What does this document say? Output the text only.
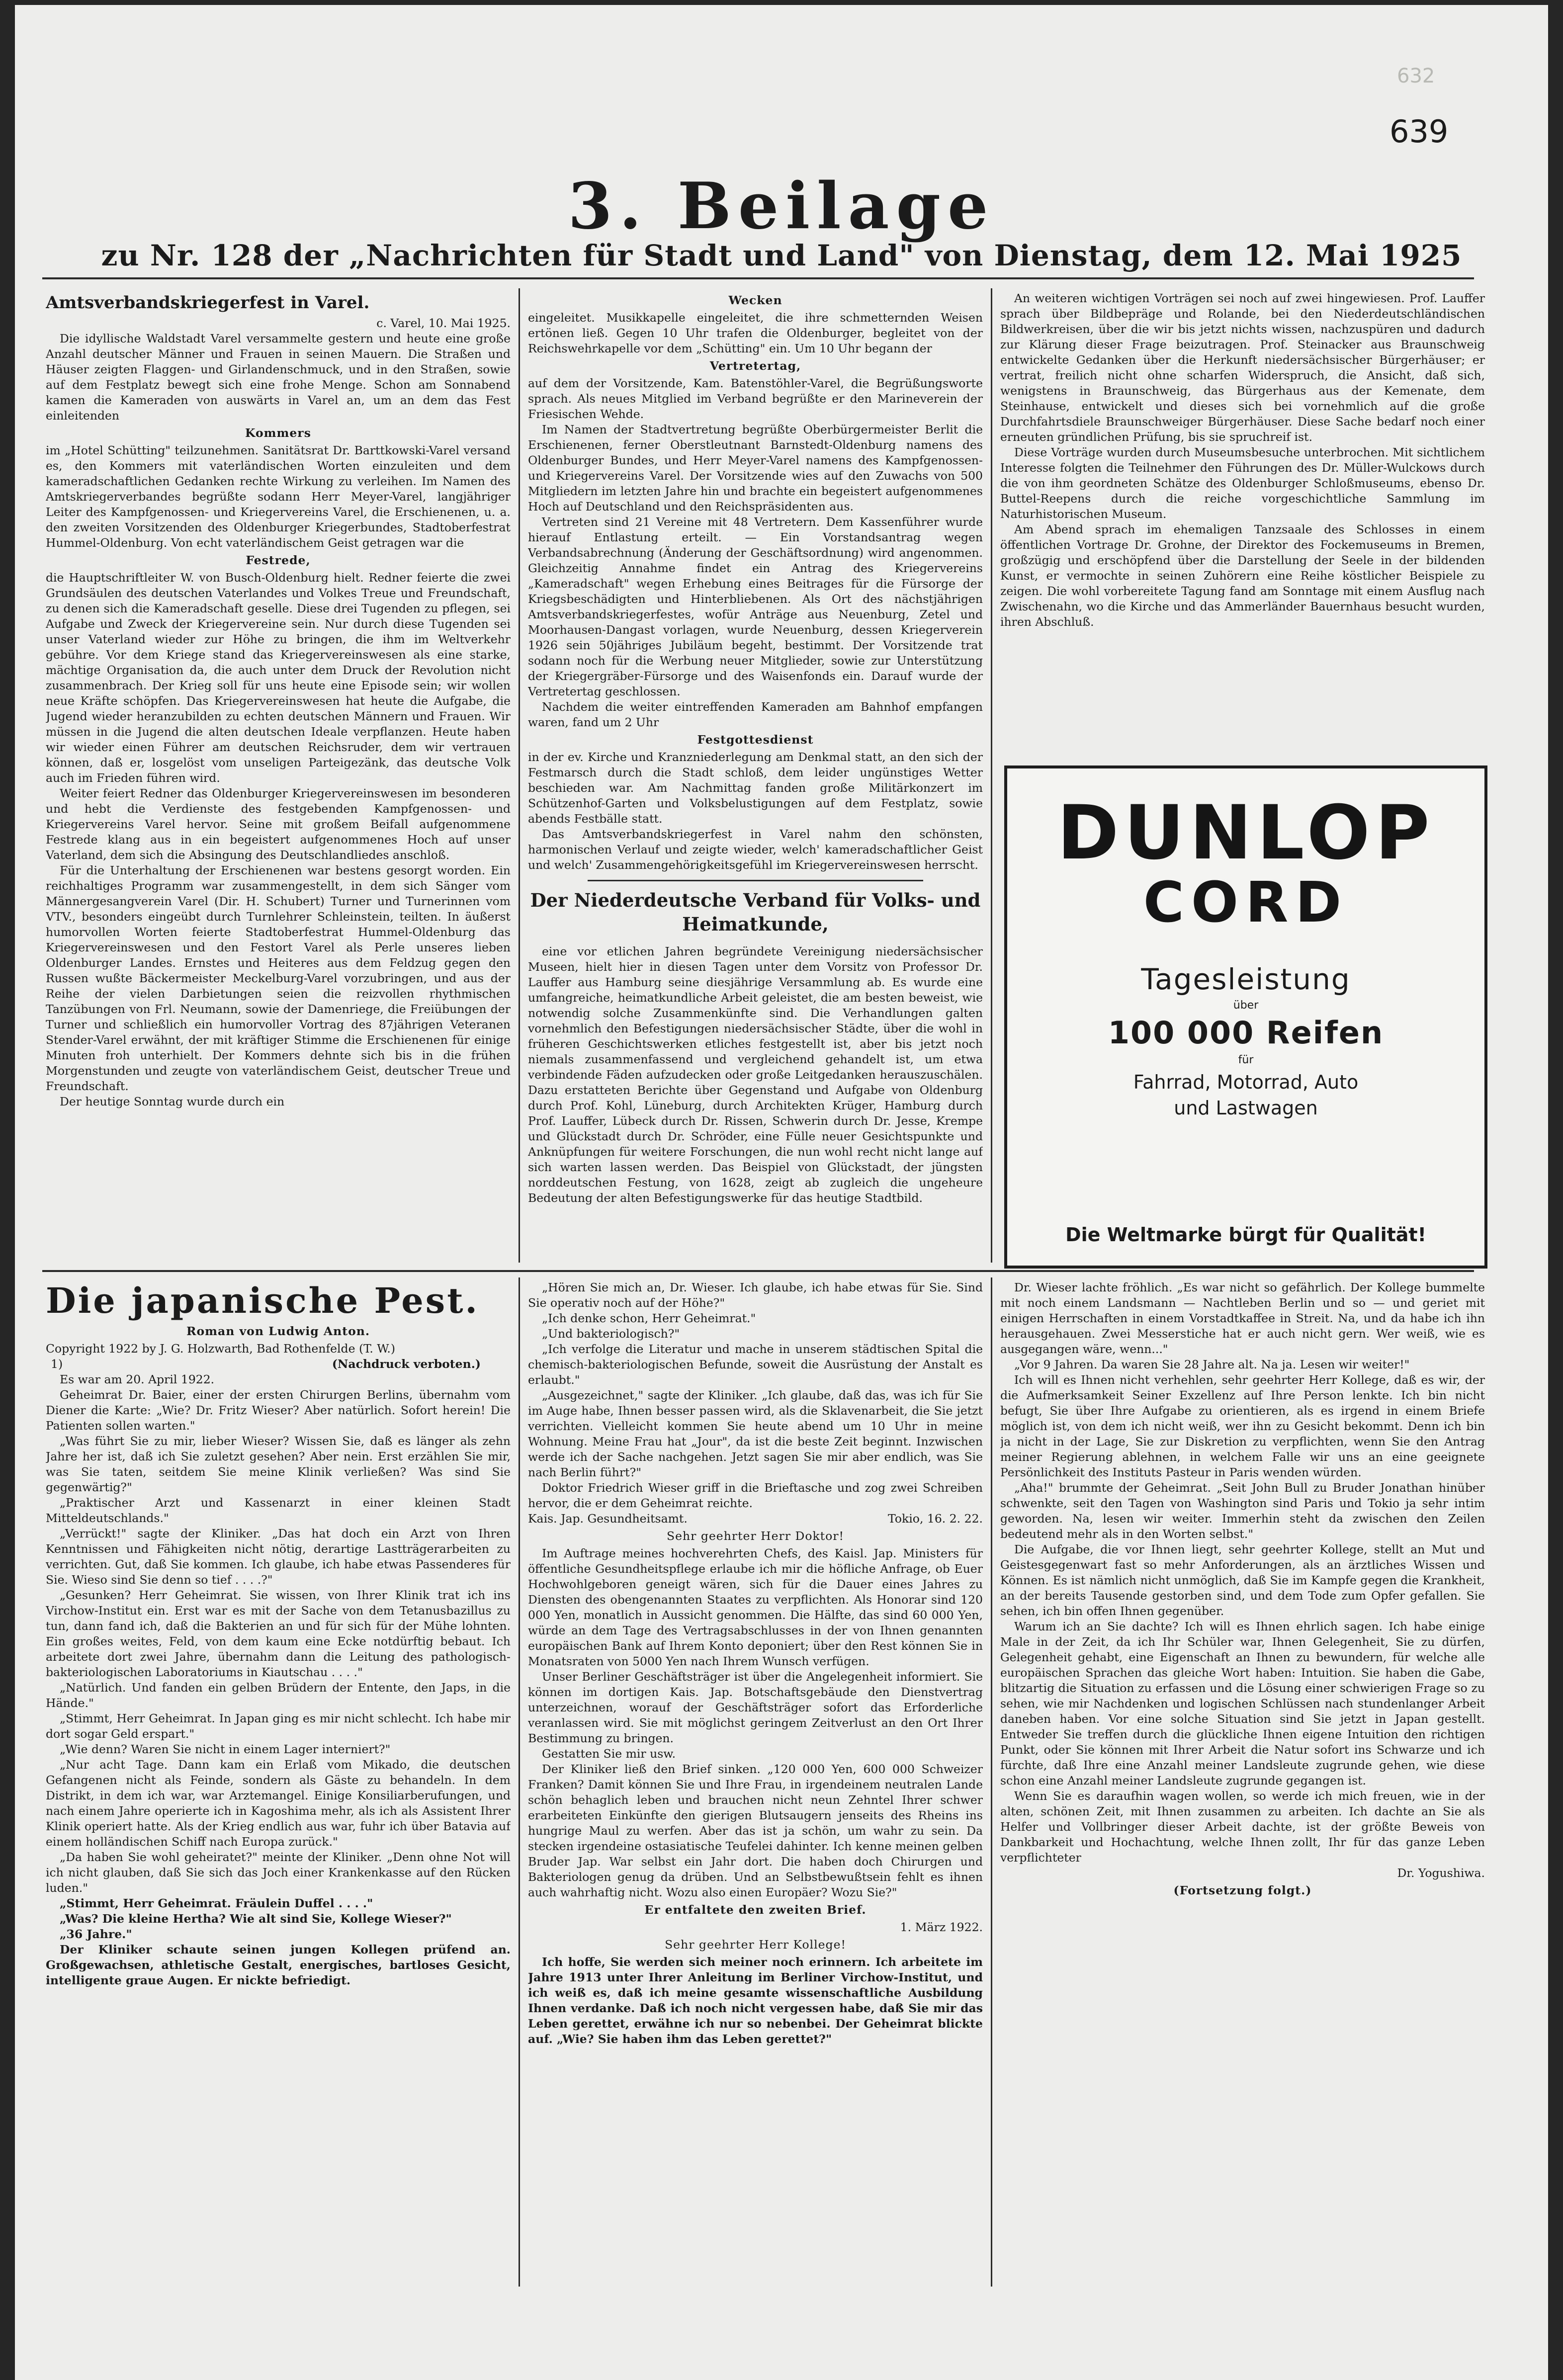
632
639
3. Beilage
zu Nr. 128 der „Nachrichten für Stadt und Land" von Dienstag, dem 12. Mai 1925

Amtsverbandskriegerfest in Varel.

c. Varel, 10. Mai 1925.

Die idyllische Waldstadt Varel versammelte gestern und heute eine große Anzahl deutscher Männer und Frauen in seinen Mauern. Die Straßen und Häuser zeigten Flaggen- und Girlandenschmuck, und in den Straßen, sowie auf dem Festplatz bewegt sich eine frohe Menge. Schon am Sonnabend kamen die Kameraden von auswärts in Varel an, um an dem das Fest einleitenden

Kommers

im „Hotel Schütting" teilzunehmen. Sanitätsrat Dr. Barttkowski-Varel versand es, den Kommers mit vaterländischen Worten einzuleiten und dem kameradschaftlichen Gedanken rechte Wirkung zu verleihen. Im Namen des Amtskriegerverbandes begrüßte sodann Herr Meyer-Varel, langjähriger Leiter des Kampfgenossen- und Kriegervereins Varel, die Erschienenen, u. a. den zweiten Vorsitzenden des Oldenburger Kriegerbundes, Stadtoberfestrat Hummel-Oldenburg. Von echt vaterländischem Geist getragen war die

Festrede,

die Hauptschriftleiter W. von Busch-Oldenburg hielt. Redner feierte die zwei Grundsäulen des deutschen Vaterlandes und Volkes Treue und Freundschaft, zu denen sich die Kameradschaft geselle. Diese drei Tugenden zu pflegen, sei Aufgabe und Zweck der Kriegervereine sein. Nur durch diese Tugenden sei unser Vaterland wieder zur Höhe zu bringen, die ihm im Weltverkehr gebühre. Vor dem Kriege stand das Kriegervereinswesen als eine starke, mächtige Organisation da, die auch unter dem Druck der Revolution nicht zusammenbrach. Der Krieg soll für uns heute eine Episode sein; wir wollen neue Kräfte schöpfen. Das Kriegervereinswesen hat heute die Aufgabe, die Jugend wieder heranzubilden zu echten deutschen Männern und Frauen. Wir müssen in die Jugend die alten deutschen Ideale verpflanzen. Heute haben wir wieder einen Führer am deutschen Reichsruder, dem wir vertrauen können, daß er, losgelöst vom unseligen Parteigezänk, das deutsche Volk auch im Frieden führen wird.

Weiter feiert Redner das Oldenburger Kriegervereinswesen im besonderen und hebt die Verdienste des festgebenden Kampfgenossen- und Kriegervereins Varel hervor. Seine mit großem Beifall aufgenommene Festrede klang aus in ein begeistert aufgenommenes Hoch auf unser Vaterland, dem sich die Absingung des Deutschlandliedes anschloß.

Für die Unterhaltung der Erschienenen war bestens gesorgt worden. Ein reichhaltiges Programm war zusammengestellt, in dem sich Sänger vom Männergesangverein Varel (Dir. H. Schubert) Turner und Turnerinnen vom VTV., besonders eingeübt durch Turnlehrer Schleinstein, teilten. In äußerst humorvollen Worten feierte Stadtoberfestrat Hummel-Oldenburg das Kriegervereinswesen und den Festort Varel als Perle unseres lieben Oldenburger Landes. Ernstes und Heiteres aus dem Feldzug gegen den Russen wußte Bäckermeister Meckelburg-Varel vorzubringen, und aus der Reihe der vielen Darbietungen seien die reizvollen rhythmischen Tanzübungen von Frl. Neumann, sowie der Damenriege, die Freiübungen der Turner und schließlich ein humorvoller Vortrag des 87jährigen Veteranen Stender-Varel erwähnt, der mit kräftiger Stimme die Erschienenen für einige Minuten froh unterhielt. Der Kommers dehnte sich bis in die frühen Morgenstunden und zeugte von vaterländischem Geist, deutscher Treue und Freundschaft.

Der heutige Sonntag wurde durch ein

Wecken

eingeleitet. Musikkapelle eingeleitet, die ihre schmetternden Weisen ertönen ließ. Gegen 10 Uhr trafen die Oldenburger, begleitet von der Reichswehrkapelle vor dem „Schütting" ein. Um 10 Uhr begann der

Vertretertag,

auf dem der Vorsitzende, Kam. Batenstöhler-Varel, die Begrüßungsworte sprach. Als neues Mitglied im Verband begrüßte er den Marineverein der Friesischen Wehde.

Im Namen der Stadtvertretung begrüßte Oberbürgermeister Berlit die Erschienenen, ferner Oberstleutnant Barnstedt-Oldenburg namens des Oldenburger Bundes, und Herr Meyer-Varel namens des Kampfgenossen- und Kriegervereins Varel. Der Vorsitzende wies auf den Zuwachs von 500 Mitgliedern im letzten Jahre hin und brachte ein begeistert aufgenommenes Hoch auf Deutschland und den Reichspräsidenten aus.

Vertreten sind 21 Vereine mit 48 Vertretern. Dem Kassenführer wurde hierauf Entlastung erteilt. — Ein Vorstandsantrag wegen Verbandsabrechnung (Änderung der Geschäftsordnung) wird angenommen. Gleichzeitig Annahme findet ein Antrag des Kriegervereins „Kameradschaft" wegen Erhebung eines Beitrages für die Fürsorge der Kriegsbeschädigten und Hinterbliebenen. Als Ort des nächstjährigen Amtsverbandskriegerfestes, wofür Anträge aus Neuenburg, Zetel und Moorhausen-Dangast vorlagen, wurde Neuenburg, dessen Kriegerverein 1926 sein 50jähriges Jubiläum begeht, bestimmt. Der Vorsitzende trat sodann noch für die Werbung neuer Mitglieder, sowie zur Unterstützung der Kriegergräber-Fürsorge und des Waisenfonds ein. Darauf wurde der Vertretertag geschlossen.

Nachdem die weiter eintreffenden Kameraden am Bahnhof empfangen waren, fand um 2 Uhr

Festgottesdienst

in der ev. Kirche und Kranzniederlegung am Denkmal statt, an den sich der Festmarsch durch die Stadt schloß, dem leider ungünstiges Wetter beschieden war. Am Nachmittag fanden große Militärkonzert im Schützenhof-Garten und Volksbelustigungen auf dem Festplatz, sowie abends Festbälle statt.

Das Amtsverbandskriegerfest in Varel nahm den schönsten, harmonischen Verlauf und zeigte wieder, welch' kameradschaftlicher Geist und welch' Zusammengehörigkeitsgefühl im Kriegervereinswesen herrscht.

Der Niederdeutsche Verband für Volks- und Heimatkunde,

eine vor etlichen Jahren begründete Vereinigung niedersächsischer Museen, hielt hier in diesen Tagen unter dem Vorsitz von Professor Dr. Lauffer aus Hamburg seine diesjährige Versammlung ab. Es wurde eine umfangreiche, heimatkundliche Arbeit geleistet, die am besten beweist, wie notwendig solche Zusammenkünfte sind. Die Verhandlungen galten vornehmlich den Befestigungen niedersächsischer Städte, über die wohl in früheren Geschichtswerken etliches festgestellt ist, aber bis jetzt noch niemals zusammenfassend und vergleichend gehandelt ist, um etwa verbindende Fäden aufzudecken oder große Leitgedanken herauszuschälen. Dazu erstatteten Berichte über Gegenstand und Aufgabe von Oldenburg durch Prof. Kohl, Lüneburg, durch Architekten Krüger, Hamburg durch Prof. Lauffer, Lübeck durch Dr. Rissen, Schwerin durch Dr. Jesse, Krempe und Glückstadt durch Dr. Schröder, eine Fülle neuer Gesichtspunkte und Anknüpfungen für weitere Forschungen, die nun wohl recht nicht lange auf sich warten lassen werden. Das Beispiel von Glückstadt, der jüngsten norddeutschen Festung, von 1628, zeigt ab zugleich die ungeheure Bedeutung der alten Befestigungswerke für das heutige Stadtbild.

An weiteren wichtigen Vorträgen sei noch auf zwei hingewiesen. Prof. Lauffer sprach über Bildbepräge und Rolande, bei den Niederdeutschländischen Bildwerkreisen, über die wir bis jetzt nichts wissen, nachzuspüren und dadurch zur Klärung dieser Frage beizutragen. Prof. Steinacker aus Braunschweig entwickelte Gedanken über die Herkunft niedersächsischer Bürgerhäuser; er vertrat, freilich nicht ohne scharfen Widerspruch, die Ansicht, daß sich, wenigstens in Braunschweig, das Bürgerhaus aus der Kemenate, dem Steinhause, entwickelt und dieses sich bei vornehmlich auf die große Durchfahrtsdiele Braunschweiger Bürgerhäuser. Diese Sache bedarf noch einer erneuten gründlichen Prüfung, bis sie spruchreif ist.

Diese Vorträge wurden durch Museumsbesuche unterbrochen. Mit sichtlichem Interesse folgten die Teilnehmer den Führungen des Dr. Müller-Wulckows durch die von ihm geordneten Schätze des Oldenburger Schloßmuseums, ebenso Dr. Buttel-Reepens durch die reiche vorgeschichtliche Sammlung im Naturhistorischen Museum.

Am Abend sprach im ehemaligen Tanzsaale des Schlosses in einem öffentlichen Vortrage Dr. Grohne, der Direktor des Fockemuseums in Bremen, großzügig und erschöpfend über die Darstellung der Seele in der bildenden Kunst, er vermochte in seinen Zuhörern eine Reihe köstlicher Beispiele zu zeigen. Die wohl vorbereitete Tagung fand am Sonntage mit einem Ausflug nach Zwischenahn, wo die Kirche und das Ammerländer Bauernhaus besucht wurden, ihren Abschluß.

DUNLOP
CORD
Tagesleistung
über
100 000 Reifen
für
Fahrrad, Motorrad, Auto
und Lastwagen
Die Weltmarke bürgt für Qualität!

Die japanische Pest.

Roman von Ludwig Anton.

Copyright 1922 by J. G. Holzwarth, Bad Rothenfelde (T. W.)

1)	(Nachdruck verboten.)

Es war am 20. April 1922.

Geheimrat Dr. Baier, einer der ersten Chirurgen Berlins, übernahm vom Diener die Karte: „Wie? Dr. Fritz Wieser? Aber natürlich. Sofort herein! Die Patienten sollen warten."

„Was führt Sie zu mir, lieber Wieser? Wissen Sie, daß es länger als zehn Jahre her ist, daß ich Sie zuletzt gesehen? Aber nein. Erst erzählen Sie mir, was Sie taten, seitdem Sie meine Klinik verließen? Was sind Sie gegenwärtig?"

„Praktischer Arzt und Kassenarzt in einer kleinen Stadt Mitteldeutschlands."

„Verrückt!" sagte der Kliniker. „Das hat doch ein Arzt von Ihren Kenntnissen und Fähigkeiten nicht nötig, derartige Lastträgerarbeiten zu verrichten. Gut, daß Sie kommen. Ich glaube, ich habe etwas Passenderes für Sie. Wieso sind Sie denn so tief . . . .?"

„Gesunken? Herr Geheimrat. Sie wissen, von Ihrer Klinik trat ich ins Virchow-Institut ein. Erst war es mit der Sache von dem Tetanusbazillus zu tun, dann fand ich, daß die Bakterien an und für sich für der Mühe lohnten. Ein großes weites, Feld, von dem kaum eine Ecke notdürftig bebaut. Ich arbeitete dort zwei Jahre, übernahm dann die Leitung des pathologisch-bakteriologischen Laboratoriums in Kiautschau . . . ."

„Natürlich. Und fanden ein gelben Brüdern der Entente, den Japs, in die Hände."

„Stimmt, Herr Geheimrat. In Japan ging es mir nicht schlecht. Ich habe mir dort sogar Geld erspart."

„Wie denn? Waren Sie nicht in einem Lager interniert?"

„Nur acht Tage. Dann kam ein Erlaß vom Mikado, die deutschen Gefangenen nicht als Feinde, sondern als Gäste zu behandeln. In dem Distrikt, in dem ich war, war Arztemangel. Einige Konsiliarberufungen, und nach einem Jahre operierte ich in Kagoshima mehr, als ich als Assistent Ihrer Klinik operiert hatte. Als der Krieg endlich aus war, fuhr ich über Batavia auf einem holländischen Schiff nach Europa zurück."

„Da haben Sie wohl geheiratet?" meinte der Kliniker. „Denn ohne Not will ich nicht glauben, daß Sie sich das Joch einer Krankenkasse auf den Rücken luden."

„Stimmt, Herr Geheimrat. Fräulein Duffel . . . ."

„Was? Die kleine Hertha? Wie alt sind Sie, Kollege Wieser?"

„36 Jahre."

Der Kliniker schaute seinen jungen Kollegen prüfend an. Großgewachsen, athletische Gestalt, energisches, bartloses Gesicht, intelligente graue Augen. Er nickte befriedigt.

„Hören Sie mich an, Dr. Wieser. Ich glaube, ich habe etwas für Sie. Sind Sie operativ noch auf der Höhe?"

„Ich denke schon, Herr Geheimrat."

„Und bakteriologisch?"

„Ich verfolge die Literatur und mache in unserem städtischen Spital die chemisch-bakteriologischen Befunde, soweit die Ausrüstung der Anstalt es erlaubt."

„Ausgezeichnet," sagte der Kliniker. „Ich glaube, daß das, was ich für Sie im Auge habe, Ihnen besser passen wird, als die Sklavenarbeit, die Sie jetzt verrichten. Vielleicht kommen Sie heute abend um 10 Uhr in meine Wohnung. Meine Frau hat „Jour", da ist die beste Zeit beginnt. Inzwischen werde ich der Sache nachgehen. Jetzt sagen Sie mir aber endlich, was Sie nach Berlin führt?"

Doktor Friedrich Wieser griff in die Brieftasche und zog zwei Schreiben hervor, die er dem Geheimrat reichte.

Kais. Jap. Gesundheitsamt.	Tokio, 16. 2. 22.

Sehr geehrter Herr Doktor!

Im Auftrage meines hochverehrten Chefs, des Kaisl. Jap. Ministers für öffentliche Gesundheitspflege erlaube ich mir die höfliche Anfrage, ob Euer Hochwohlgeboren geneigt wären, sich für die Dauer eines Jahres zu Diensten des obengenannten Staates zu verpflichten. Als Honorar sind 120 000 Yen, monatlich in Aussicht genommen. Die Hälfte, das sind 60 000 Yen, würde an dem Tage des Vertragsabschlusses in der von Ihnen genannten europäischen Bank auf Ihrem Konto deponiert; über den Rest können Sie in Monatsraten von 5000 Yen nach Ihrem Wunsch verfügen.

Unser Berliner Geschäftsträger ist über die Angelegenheit informiert. Sie können im dortigen Kais. Jap. Botschaftsgebäude den Dienstvertrag unterzeichnen, worauf der Geschäftsträger sofort das Erforderliche veranlassen wird. Sie mit möglichst geringem Zeitverlust an den Ort Ihrer Bestimmung zu bringen.

Gestatten Sie mir usw.

Der Kliniker ließ den Brief sinken. „120 000 Yen, 600 000 Schweizer Franken? Damit können Sie und Ihre Frau, in irgendeinem neutralen Lande schön behaglich leben und brauchen nicht neun Zehntel Ihrer schwer erarbeiteten Einkünfte den gierigen Blutsaugern jenseits des Rheins ins hungrige Maul zu werfen. Aber das ist ja schön, um wahr zu sein. Da stecken irgendeine ostasiatische Teufelei dahinter. Ich kenne meinen gelben Bruder Jap. War selbst ein Jahr dort. Die haben doch Chirurgen und Bakteriologen genug da drüben. Und an Selbstbewußtsein fehlt es ihnen auch wahrhaftig nicht. Wozu also einen Europäer? Wozu Sie?"

Er entfaltete den zweiten Brief.

1. März 1922.

Sehr geehrter Herr Kollege!

Ich hoffe, Sie werden sich meiner noch erinnern. Ich arbeitete im Jahre 1913 unter Ihrer Anleitung im Berliner Virchow-Institut, und ich weiß es, daß ich meine gesamte wissenschaftliche Ausbildung Ihnen verdanke. Daß ich noch nicht vergessen habe, daß Sie mir das Leben gerettet, erwähne ich nur so nebenbei. Der Geheimrat blickte auf. „Wie? Sie haben ihm das Leben gerettet?"

Dr. Wieser lachte fröhlich. „Es war nicht so gefährlich. Der Kollege bummelte mit noch einem Landsmann — Nachtleben Berlin und so — und geriet mit einigen Herrschaften in einem Vorstadtkaffee in Streit. Na, und da habe ich ihn herausgehauen. Zwei Messerstiche hat er auch nicht gern. Wer weiß, wie es ausgegangen wäre, wenn..."

„Vor 9 Jahren. Da waren Sie 28 Jahre alt. Na ja. Lesen wir weiter!"

Ich will es Ihnen nicht verhehlen, sehr geehrter Herr Kollege, daß es wir, der die Aufmerksamkeit Seiner Exzellenz auf Ihre Person lenkte. Ich bin nicht befugt, Sie über Ihre Aufgabe zu orientieren, als es irgend in einem Briefe möglich ist, von dem ich nicht weiß, wer ihn zu Gesicht bekommt. Denn ich bin ja nicht in der Lage, Sie zur Diskretion zu verpflichten, wenn Sie den Antrag meiner Regierung ablehnen, in welchem Falle wir uns an eine geeignete Persönlichkeit des Instituts Pasteur in Paris wenden würden.

„Aha!" brummte der Geheimrat. „Seit John Bull zu Bruder Jonathan hinüber schwenkte, seit den Tagen von Washington sind Paris und Tokio ja sehr intim geworden. Na, lesen wir weiter. Immerhin steht da zwischen den Zeilen bedeutend mehr als in den Worten selbst."

Die Aufgabe, die vor Ihnen liegt, sehr geehrter Kollege, stellt an Mut und Geistesgegenwart fast so mehr Anforderungen, als an ärztliches Wissen und Können. Es ist nämlich nicht unmöglich, daß Sie im Kampfe gegen die Krankheit, an der bereits Tausende gestorben sind, und dem Tode zum Opfer gefallen. Sie sehen, ich bin offen Ihnen gegenüber.

Warum ich an Sie dachte? Ich will es Ihnen ehrlich sagen. Ich habe einige Male in der Zeit, da ich Ihr Schüler war, Ihnen Gelegenheit, Sie zu dürfen, Gelegenheit gehabt, eine Eigenschaft an Ihnen zu bewundern, für welche alle europäischen Sprachen das gleiche Wort haben: Intuition. Sie haben die Gabe, blitzartig die Situation zu erfassen und die Lösung einer schwierigen Frage so zu sehen, wie mir Nachdenken und logischen Schlüssen nach stundenlanger Arbeit daneben haben. Vor eine solche Situation sind Sie jetzt in Japan gestellt. Entweder Sie treffen durch die glückliche Ihnen eigene Intuition den richtigen Punkt, oder Sie können mit Ihrer Arbeit die Natur sofort ins Schwarze und ich fürchte, daß Ihre eine Anzahl meiner Landsleute zugrunde gehen, wie diese schon eine Anzahl meiner Landsleute zugrunde gegangen ist.

Wenn Sie es daraufhin wagen wollen, so werde ich mich freuen, wie in der alten, schönen Zeit, mit Ihnen zusammen zu arbeiten. Ich dachte an Sie als Helfer und Vollbringer dieser Arbeit dachte, ist der größte Beweis von Dankbarkeit und Hochachtung, welche Ihnen zollt, Ihr für das ganze Leben verpflichteter

Dr. Yogushiwa.

(Fortsetzung folgt.)
